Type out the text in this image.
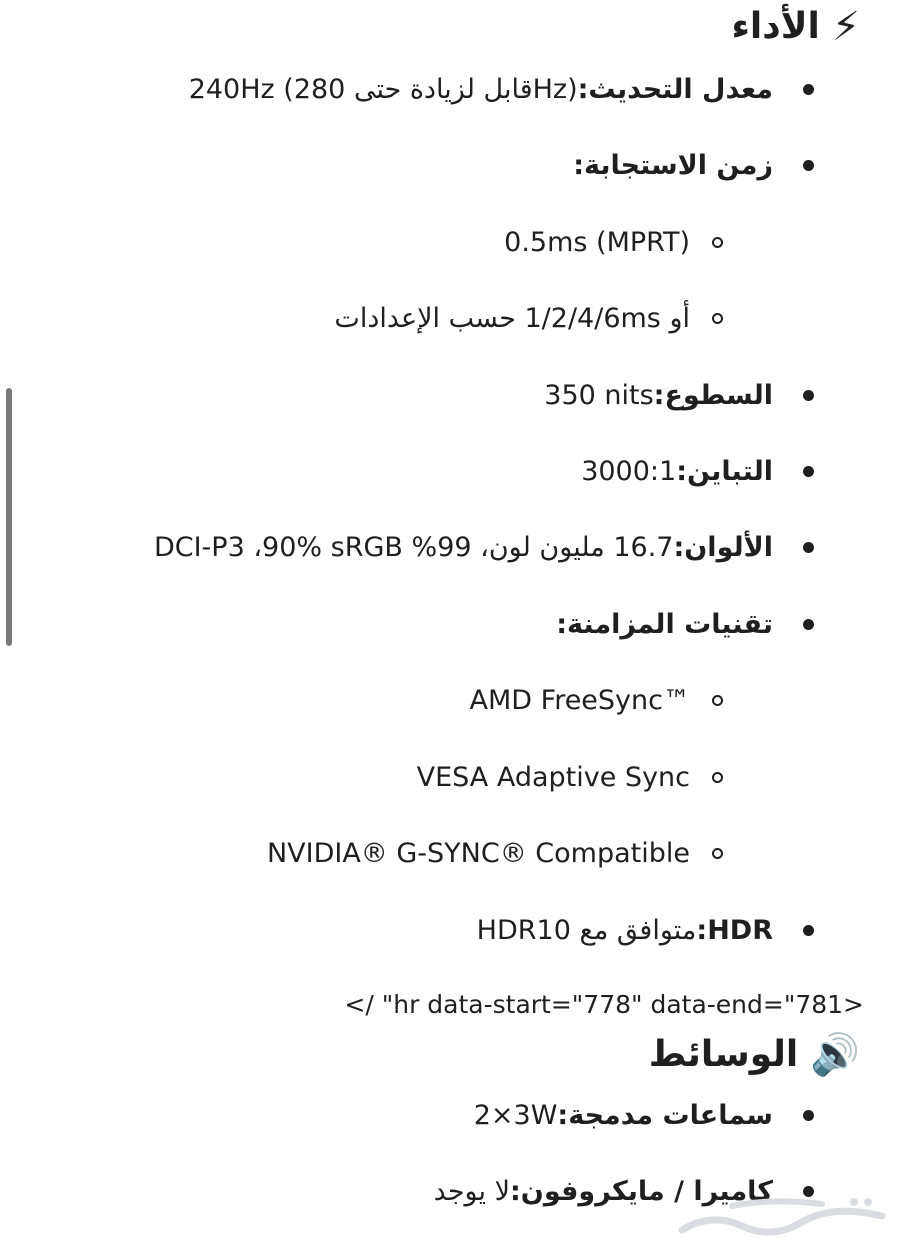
⚡
الأداء
معدل التحديث:
240Hz (قابل لزيادة حتى 280Hz)
زمن الاستجابة:
0.5ms (MPRT)
أو 1/2/4/6ms حسب الإعدادات
السطوع:
350 nits
التباين:
3000:1
الألوان:
16.7 مليون لون، 99% DCI-P3 ،90% sRGB
تقنيات المزامنة:
AMD FreeSync™
VESA Adaptive Sync
NVIDIA® G-SYNC® Compatible
HDR:
متوافق مع HDR10
</ "hr data-start="778" data-end="781>
🔊
الوسائط
سماعات مدمجة:
2×3W
كاميرا / مايكروفون:
لا يوجد
